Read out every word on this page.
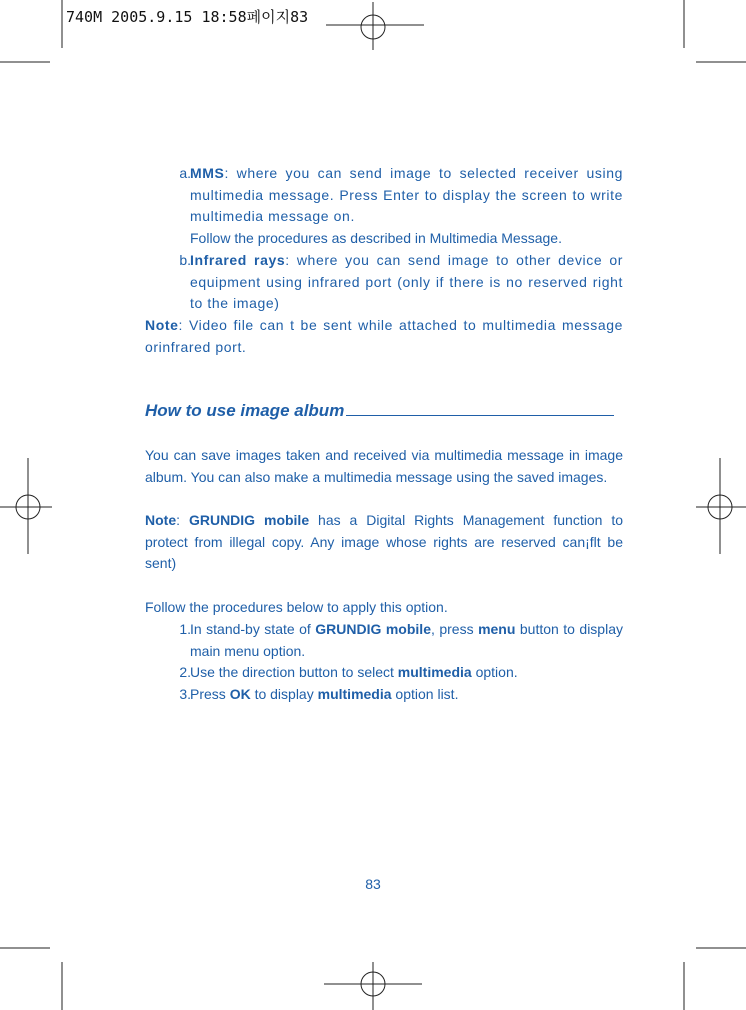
740M 2005.9.15 18:58페이지83
a. MMS: where you can send image to selected receiver using multimedia message. Press Enter to display the screen to write multimedia message on.
Follow the procedures as described in Multimedia Message.
b. Infrared rays: where you can send image to other device or equipment using infrared port (only if there is no reserved right to the image)
Note: Video file can t be sent while attached to multimedia message orinfrared port.
How to use image album
You can save images taken and received via multimedia message in image album. You can also make a multimedia message using the saved images.
Note: GRUNDIG mobile has a Digital Rights Management function to protect from illegal copy. Any image whose rights are reserved can¡flt be sent)
Follow the procedures below to apply this option.
1. In stand-by state of GRUNDIG mobile, press menu button to display main menu option.
2. Use the direction button to select multimedia option.
3. Press OK to display multimedia option list.
83
